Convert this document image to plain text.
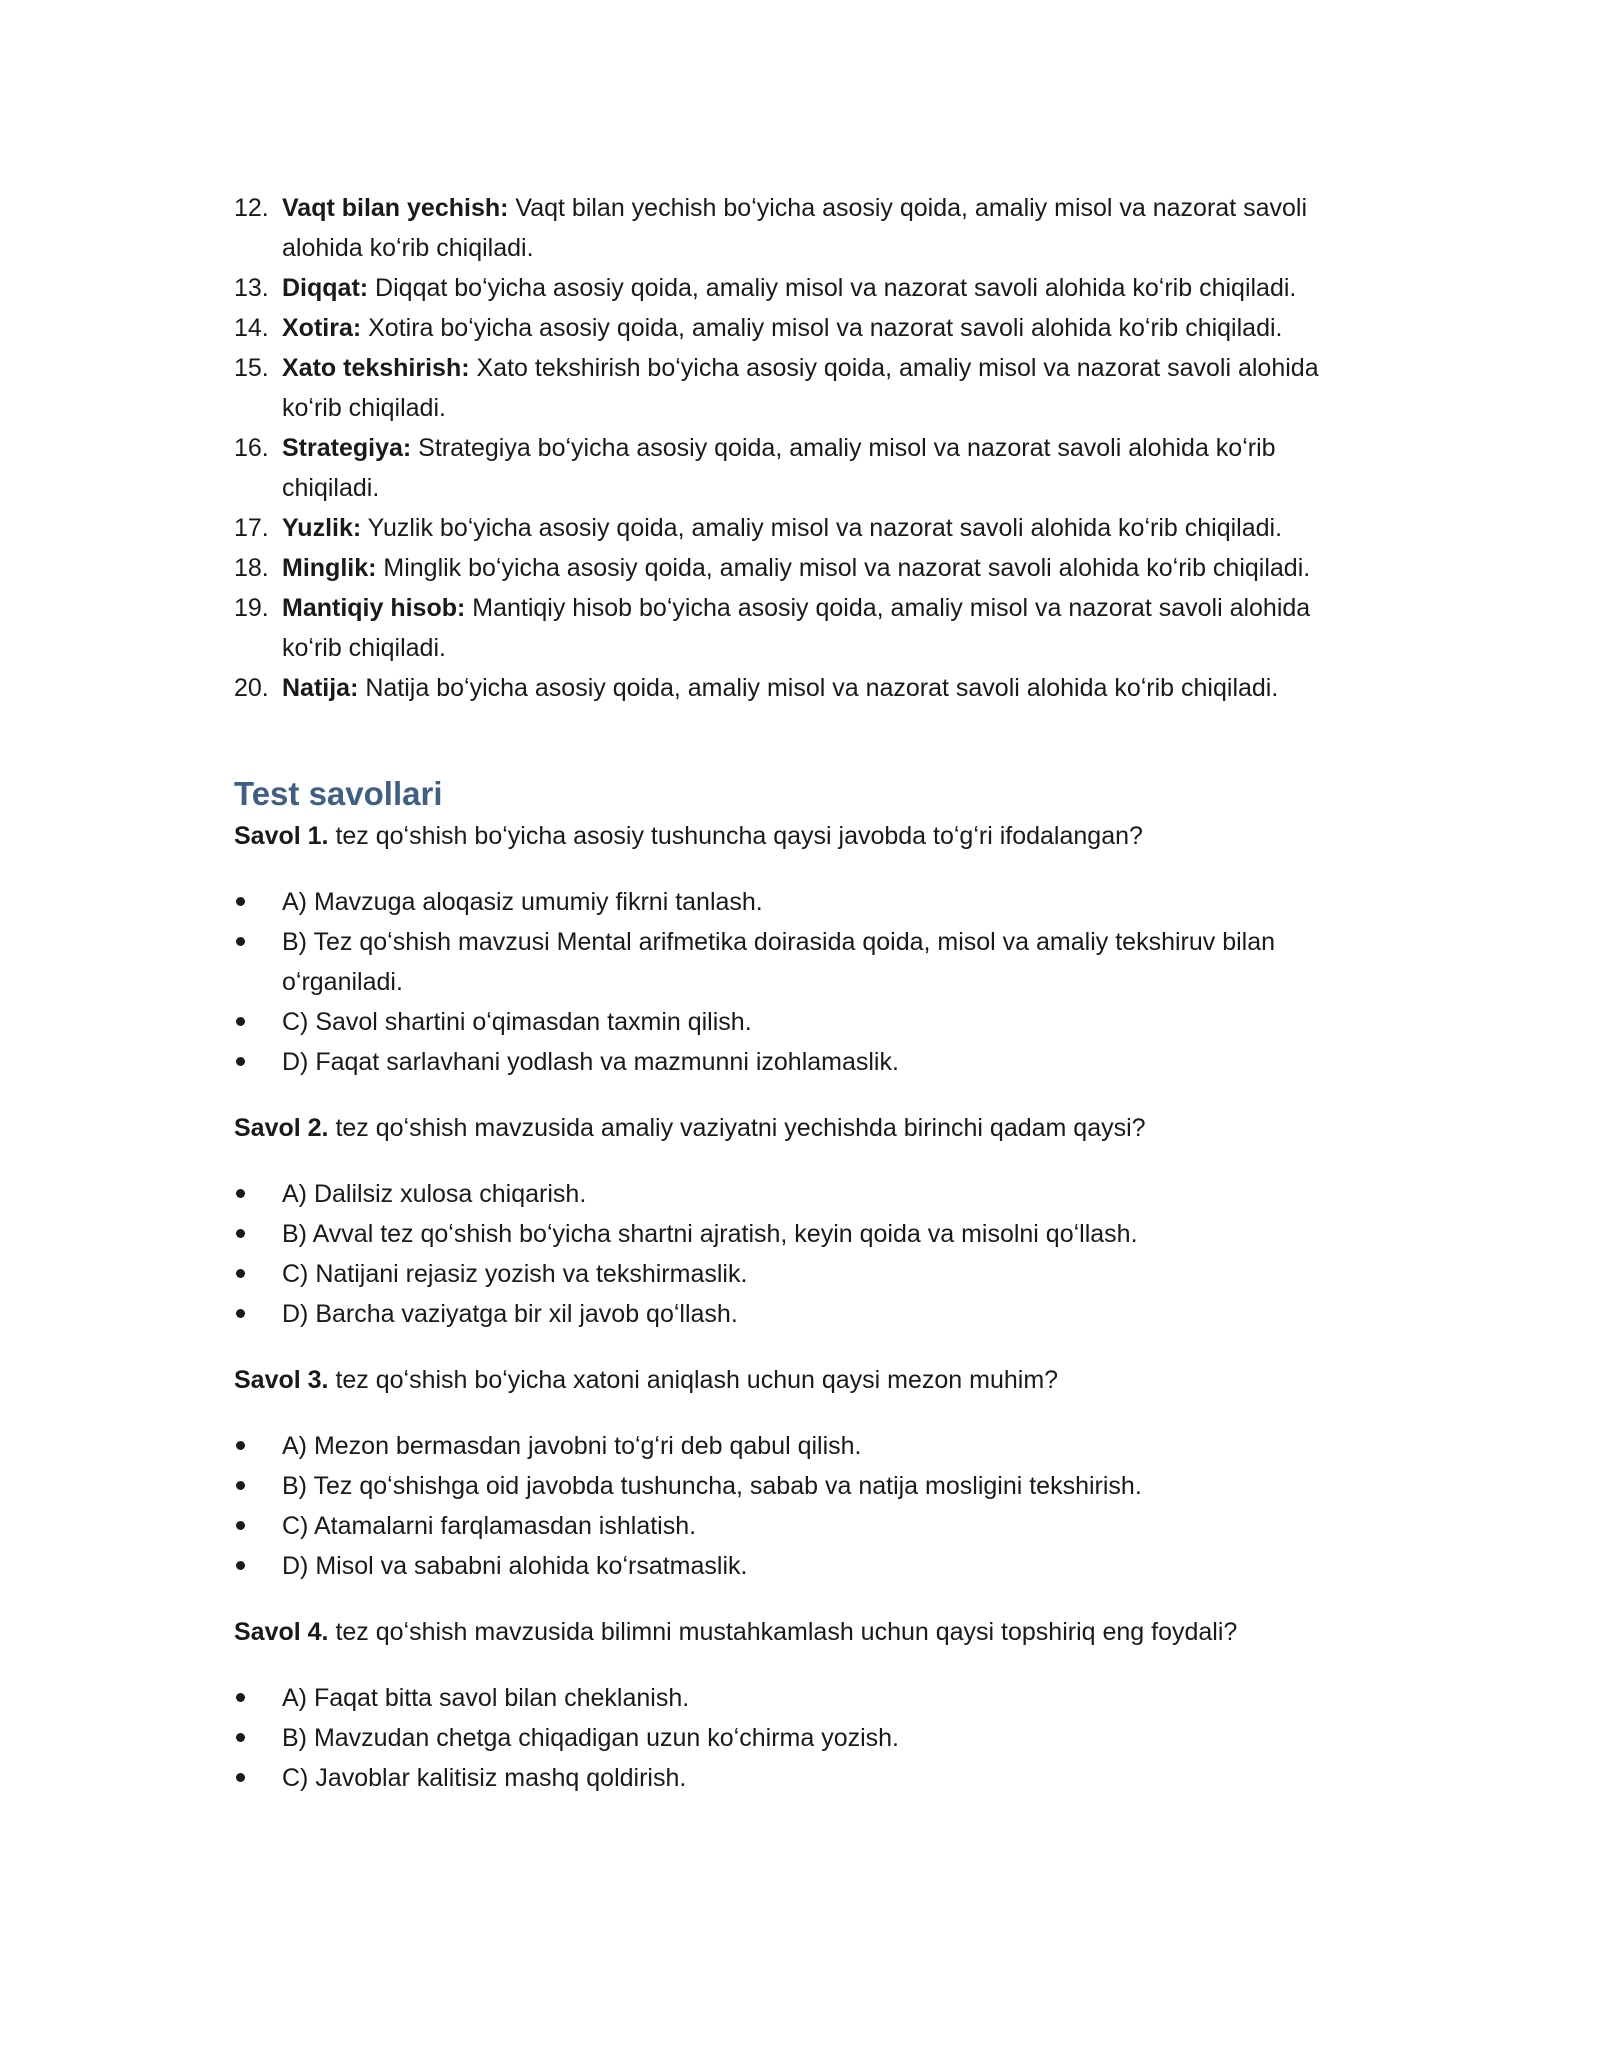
12. Vaqt bilan yechish: Vaqt bilan yechish boʻyicha asosiy qoida, amaliy misol va nazorat savoli alohida koʻrib chiqiladi.
13. Diqqat: Diqqat boʻyicha asosiy qoida, amaliy misol va nazorat savoli alohida koʻrib chiqiladi.
14. Xotira: Xotira boʻyicha asosiy qoida, amaliy misol va nazorat savoli alohida koʻrib chiqiladi.
15. Xato tekshirish: Xato tekshirish boʻyicha asosiy qoida, amaliy misol va nazorat savoli alohida koʻrib chiqiladi.
16. Strategiya: Strategiya boʻyicha asosiy qoida, amaliy misol va nazorat savoli alohida koʻrib chiqiladi.
17. Yuzlik: Yuzlik boʻyicha asosiy qoida, amaliy misol va nazorat savoli alohida koʻrib chiqiladi.
18. Minglik: Minglik boʻyicha asosiy qoida, amaliy misol va nazorat savoli alohida koʻrib chiqiladi.
19. Mantiqiy hisob: Mantiqiy hisob boʻyicha asosiy qoida, amaliy misol va nazorat savoli alohida koʻrib chiqiladi.
20. Natija: Natija boʻyicha asosiy qoida, amaliy misol va nazorat savoli alohida koʻrib chiqiladi.
Test savollari

Savol 1. tez qoʻshish boʻyicha asosiy tushuncha qaysi javobda toʻgʻri ifodalangan?

A) Mavzuga aloqasiz umumiy fikrni tanlash.
B) Tez qoʻshish mavzusi Mental arifmetika doirasida qoida, misol va amaliy tekshiruv bilan oʻrganiladi.
C) Savol shartini oʻqimasdan taxmin qilish.
D) Faqat sarlavhani yodlash va mazmunni izohlamaslik.

Savol 2. tez qoʻshish mavzusida amaliy vaziyatni yechishda birinchi qadam qaysi?

A) Dalilsiz xulosa chiqarish.
B) Avval tez qoʻshish boʻyicha shartni ajratish, keyin qoida va misolni qoʻllash.
C) Natijani rejasiz yozish va tekshirmaslik.
D) Barcha vaziyatga bir xil javob qoʻllash.

Savol 3. tez qoʻshish boʻyicha xatoni aniqlash uchun qaysi mezon muhim?

A) Mezon bermasdan javobni toʻgʻri deb qabul qilish.
B) Tez qoʻshishga oid javobda tushuncha, sabab va natija mosligini tekshirish.
C) Atamalarni farqlamasdan ishlatish.
D) Misol va sababni alohida koʻrsatmaslik.

Savol 4. tez qoʻshish mavzusida bilimni mustahkamlash uchun qaysi topshiriq eng foydali?

A) Faqat bitta savol bilan cheklanish.
B) Mavzudan chetga chiqadigan uzun koʻchirma yozish.
C) Javoblar kalitisiz mashq qoldirish.
